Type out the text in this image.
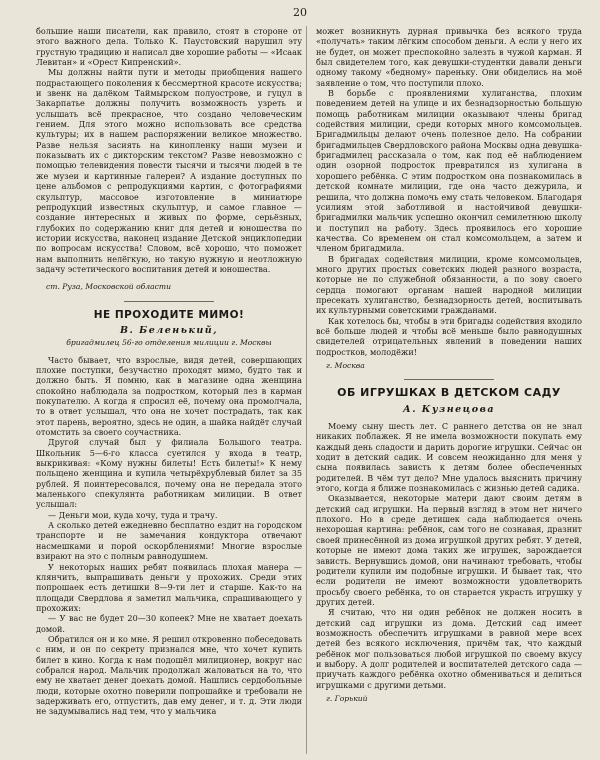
20

большие наши писатели, как правило, стоят в стороне от этого важного дела. Только К. Паустовский нарушил эту грустную традицию и написал две хорошие работы — «Исаак Левитан» и «Орест Кипренский».

Мы должны найти пути и методы приобщения нашего подрастающего поколения к бессмертной красоте искусства; и звенк на далёком Таймырском полуострове, и гуцул в Закарпатье должны получить возможность узреть и услышать всё прекрасное, что создано человеческим гением. Для этого можно использовать все средства культуры; их в нашем распоряжении великое множество. Разве нельзя засиять на кинопленку наши музеи и показывать их с дикторским текстом? Разве невозможно с помощью телевидения повести тысячи и тысячи людей в те же музеи и картинные галереи? А издание доступных по цене альбомов с репродукциями картин, с фотографиями скульптур, массовое изготовление в миниатюре репродукций известных скульптур, и самое главное — создание интересных и живых по форме, серьёзных, глубоких по содержанию книг для детей и юношества по истории искусства, наконец издание Детской энциклопедии по вопросам искусства! Словом, всё хорошо, что поможет нам выполнить нелёгкую, но такую нужную и неотложную задачу эстетического воспитания детей и юношества.

ст. Руза, Московской области

НЕ ПРОХОДИТЕ МИМО!

В. Беленький,

бригадмилец 56-го отделения милиции г. Москвы

Часто бывает, что взрослые, видя детей, совершающих плохие поступки, безучастно проходят мимо, будто так и должно быть. Я помню, как в магазине одна женщина спокойно наблюдала за подростком, который лез в карман покупателю. А когда я спросил её, почему она промолчала, то в ответ услышал, что она не хочет пострадать, так как этот парень, вероятно, здесь не один, а шайка найдёт случай отомстить за своего соучастника.

Другой случай был у филиала Большого театра. Школьник 5—6-го класса суетился у входа в театр, выкрикивая: «Кому нужны билеты! Есть билеты!» К нему польщено женщина и купила четырёхрублевый билет за 35 рублей. Я поинтересовался, почему она не передала этого маленького спекулянта работникам милиции. В ответ услышал:

— Деньги мои, куда хочу, туда и трачу.

А сколько детей ежедневно бесплатно ездит на городском транспорте и не замечания кондуктора отвечают насмешками и порой оскорблениями! Многие взрослые взирают на это с полным равнодушием.

У некоторых наших ребят появилась плохая манера — клянчить, выпрашивать деньги у прохожих. Среди этих попрошаек есть детишки 8—9-ти лет и старше. Как-то на площади Свердлова я заметил мальчика, спрашивающего у прохожих:

— У вас не будет 20—30 копеек? Мне не хватает доехать домой.

Обратился он и ко мне. Я решил откровенно побеседовать с ним, и он по секрету признался мне, что хочет купить билет в кино. Когда к нам подошёл милиционер, вокруг нас собрался народ. Мальчик продолжал жаловаться на то, что ему не хватает денег доехать домой. Нашлись сердобольные люди, которые охотно поверили попрошайке и требовали не задерживать его, отпустить, дав ему денег, и т. д. Эти люди не задумывались над тем, что у мальчика

может возникнуть дурная привычка без всякого труда «получать» таким лёгким способом деньги. А если у него их не будет, он может преспокойно залезть в чужой карман. Я был свидетелем того, как девушки-студентки давали деньги одному такому «бедному» пареньку. Они обиделись на моё заявление о том, что поступили плохо.

В борьбе с проявлениями хулиганства, плохим поведением детей на улице и их безнадзорностью большую помощь работникам милиции оказывают члены бригад содействия милиции, среди которых много комсомольцев. Бригадмильцы делают очень полезное дело. На собрании бригадмильцев Свердловского района Москвы одна девушка-бригадмилец рассказала о том, как под её наблюдением один озорной подросток превратился из хулигана в хорошего ребёнка. С этим подростком она познакомилась в детской комнате милиции, где она часто дежурила, и решила, что должна помочь ему стать человеком. Благодаря усилиям этой заботливой и настойчивой девушки-бригадмилки мальчик успешно окончил семилетнюю школу и поступил на работу. Здесь проявилось его хорошие качества. Со временем он стал комсомольцем, а затем и членом бригадмила.

В бригадах содействия милиции, кроме комсомольцев, много других простых советских людей разного возраста, которые не по служебной обязанности, а по зову своего сердца помогают органам нашей народной милиции пресекать хулиганство, безнадзорность детей, воспитывать их культурными советскими гражданами.

Как хотелось бы, чтобы в эти бригады содействия входило всё больше людей и чтобы всё меньше было равнодушных свидетелей отрицательных явлений в поведении наших подростков, молодёжи!

г. Москва

ОБ ИГРУШКАХ В ДЕТСКОМ САДУ

А. Кузнецова

Моему сыну шесть лет. С раннего детства он не знал никаких поблажек. Я не имела возможности покупать ему каждый день сладости и дарить дорогие игрушки. Сейчас он ходит в детский садик. И совсем неожиданно для меня у сына появилась зависть к детям более обеспеченных родителей. В чём тут дело? Мне удалось выяснить причину этого, когда я ближе познакомилась с жизнью детей садика.

Оказывается, некоторые матери дают своим детям в детский сад игрушки. На первый взгляд в этом нет ничего плохого. Но в среде детишек сада наблюдается очень нехорошая картина: ребёнок, сам того не сознавая, дразнит своей принесённой из дома игрушкой других ребят. У детей, которые не имеют дома таких же игрушек, зарождается зависть. Вернувшись домой, они начинают требовать, чтобы родители купили им подобные игрушки. И бывает так, что если родители не имеют возможности удовлетворить просьбу своего ребёнка, то он старается украсть игрушку у других детей.

Я считаю, что ни один ребёнок не должен носить в детский сад игрушки из дома. Детский сад имеет возможность обеспечить игрушками в равной мере всех детей без всякого исключения, причём так, что каждый ребёнок мог пользоваться любой игрушкой по своему вкусу и выбору. А долг родителей и воспитателей детского сада — приучать каждого ребёнка охотно обмениваться и делиться игрушками с другими детьми.

г. Горький
